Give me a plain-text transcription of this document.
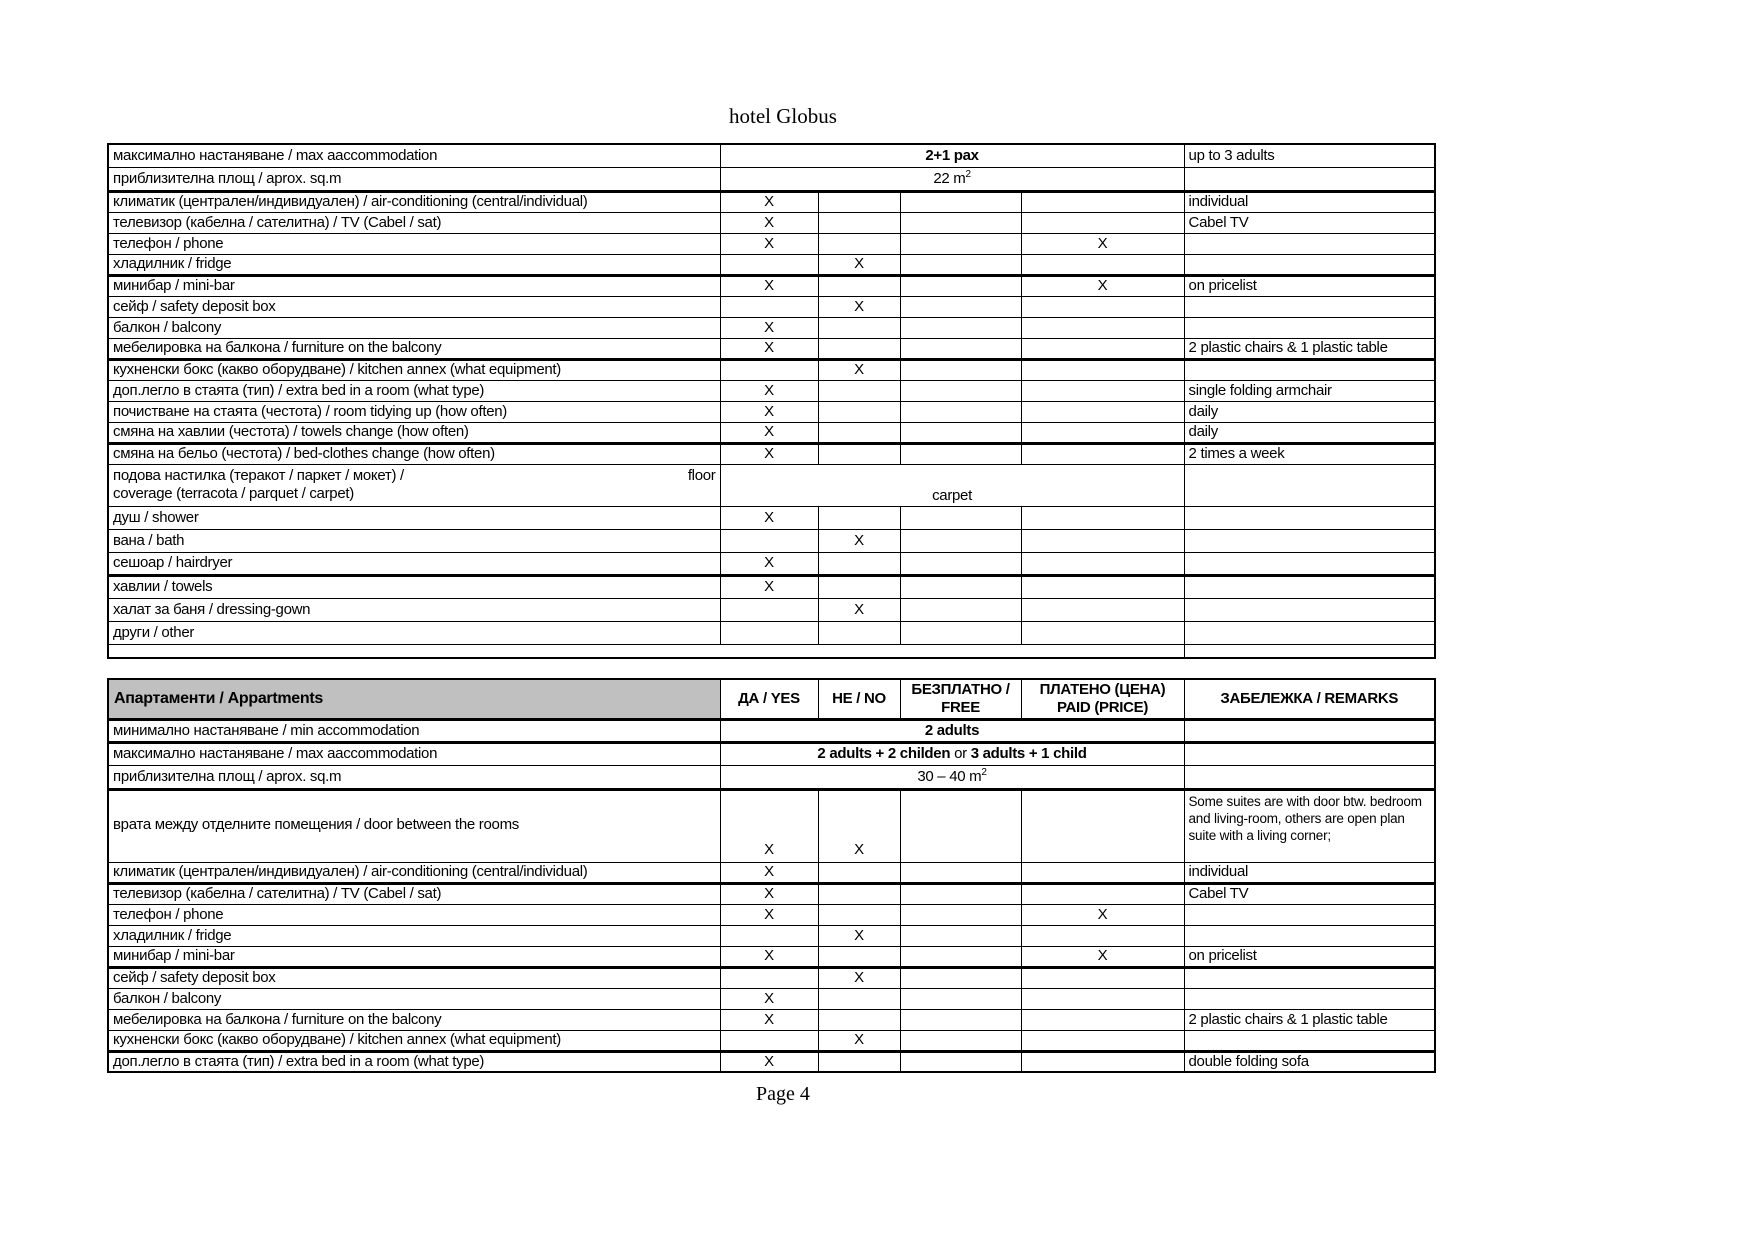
hotel Globus
максимално настаняване / max aaccommodation	2+1 pax				up to 3 adults
приблизителна площ / aprox. sq.m	22 $m^2$	
климатик (централен/индивидуален) / air-conditioning (central/individual)	X				individual
телевизор (кабелна / сателитна) / TV (Cabel / sat)	X				Cabel TV
телефон / phone	X			X	
хладилник / fridge		X			
минибар / mini-bar	X			X	on pricelist
сейф / safety deposit box		X			
балкон / balcony	X				
мебелировка на балкона / furniture on the balcony	X				2 plastic chairs & 1 plastic table
кухненски бокс (какво оборудване) / kitchen annex (what equipment)		X			
доп.легло в стаята (тип) / extra bed in a room (what type)	X				single folding armchair
почистване на стаята (честота) / room tidying up (how often)	X				daily
смяна на хавлии (честота) / towels change (how often)	X				daily
смяна на бельо (честота) / bed-clothes change (how often)	X				2 times a week

подова настилка (теракот / паркет / мокет) / floor
coverage (terracota / parquet / carpet)	carpet				
душ / shower	X				
вана / bath		X			
сешоар / hairdryer	X				
хавлии / towels	X				
халат за баня / dressing-gown		X			
други / other					

Апартаменти / Appartments	ДА / YES	НЕ / NO	БЕЗПЛАТНО / FREE	ПЛАТЕНО (ЦЕНА) PAID (PRICE)	ЗАБЕЛЕЖКА / REMARKS
минимално настаняване / min accommodation	2 adults				
максимално настаняване / max aaccommodation	2 adults + 2 childen or 3 adults + 1 child				
приблизителна площ / aprox. sq.m	30 – 40 $m^2$	
врата между отделните помещения / door between the rooms	X	X			Some suites are with door btw. bedroom and living-room, others are open plan suite with a living corner;
климатик (централен/индивидуален) / air-conditioning (central/individual)	X				individual
телевизор (кабелна / сателитна) / TV (Cabel / sat)	X				Cabel TV
телефон / phone	X			X	
хладилник / fridge		X			
минибар / mini-bar	X			X	on pricelist
сейф / safety deposit box		X			
балкон / balcony	X				
мебелировка на балкона / furniture on the balcony	X				2 plastic chairs & 1 plastic table
кухненски бокс (какво оборудване) / kitchen annex (what equipment)		X			
доп.легло в стаята (тип) / extra bed in a room (what type)	X				double folding sofa
Page 4
